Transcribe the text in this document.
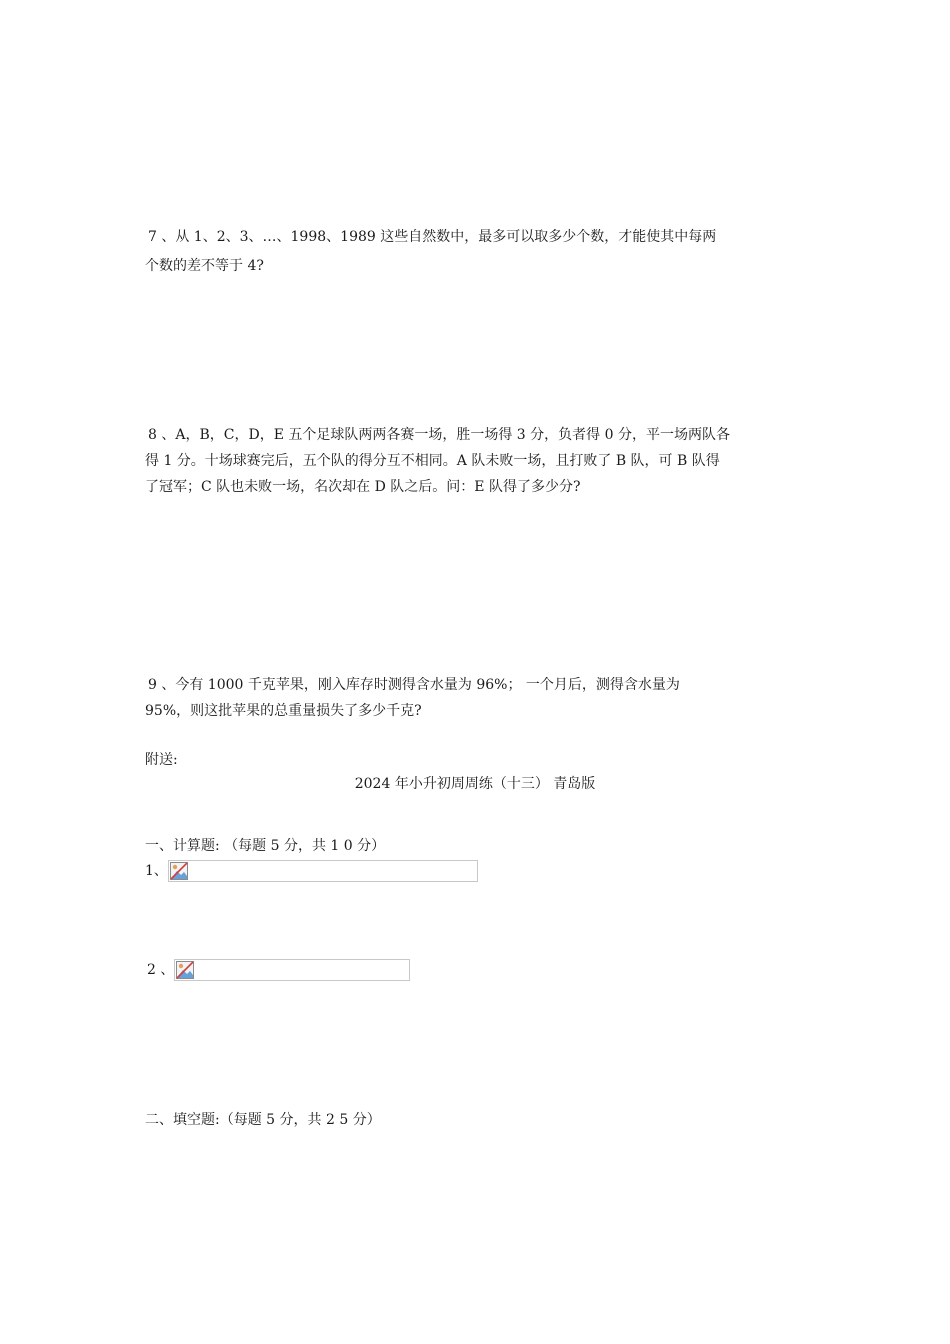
7 、从 1、2、3、…、1998、1989 这些自然数中，最多可以取多少个数，才能使其中每两
个数的差不等于 4?
8 、A，B，C，D，E 五个足球队两两各赛一场，胜一场得 3 分，负者得 0 分，平一场两队各
得 1 分。十场球赛完后，五个队的得分互不相同。A 队未败一场，且打败了 B 队，可 B 队得
了冠军；C 队也未败一场，名次却在 D 队之后。问：E 队得了多少分?
9 、今有 1000 千克苹果，刚入库存时测得含水量为 96%； 一个月后，测得含水量为
95%，则这批苹果的总重量损失了多少千克?
附送:
2024 年小升初周周练（十三） 青岛版
一、计算题: （每题 5 分，共 1 0 分）
1、
2 、
二、填空题:（每题 5 分，共 2 5 分）
